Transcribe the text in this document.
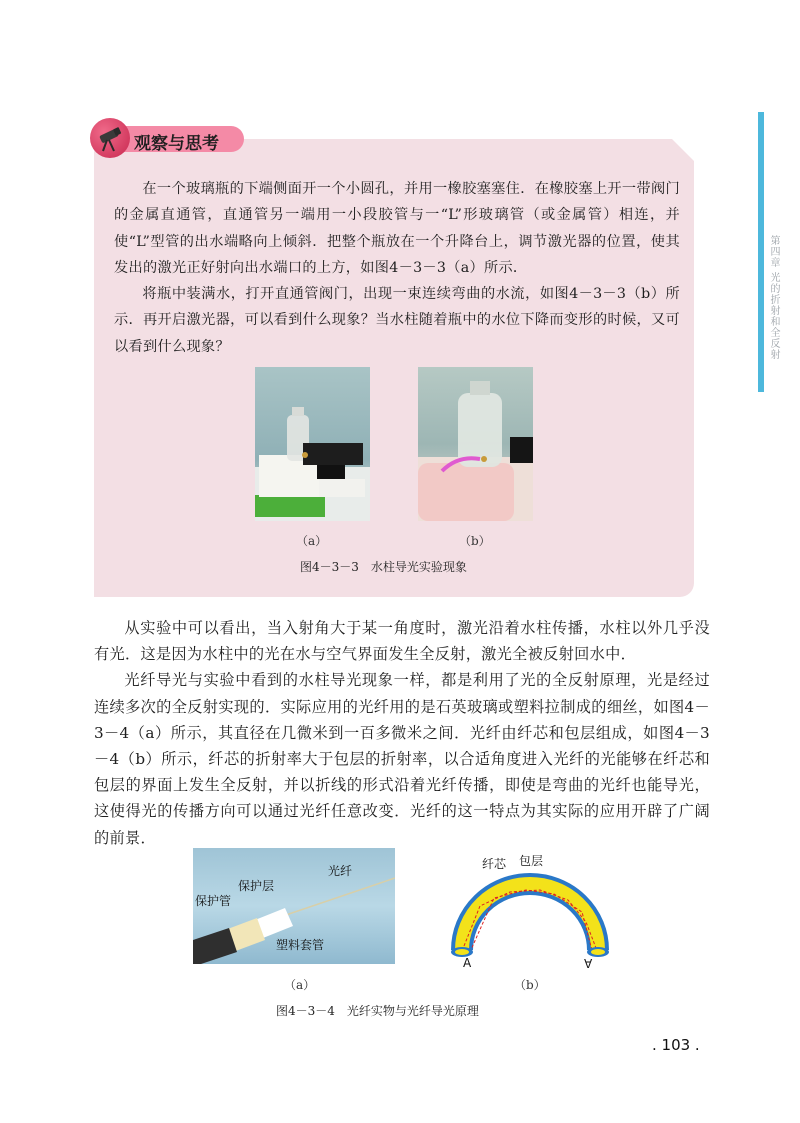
第四章 光的折射和全反射
观察与思考

在一个玻璃瓶的下端侧面开一个小圆孔，并用一橡胶塞塞住．在橡胶塞上开一带阀门的金属直通管，直通管另一端用一小段胶管与一“L”形玻璃管（或金属管）相连，并使“L”型管的出水端略向上倾斜．把整个瓶放在一个升降台上，调节激光器的位置，使其发出的激光正好射向出水端口的上方，如图4－3－3（a）所示．

将瓶中装满水，打开直通管阀门，出现一束连续弯曲的水流，如图4－3－3（b）所示．再开启激光器，可以看到什么现象？当水柱随着瓶中的水位下降而变形的时候，又可以看到什么现象？

（a）	（b）
图4－3－3　水柱导光实验现象

从实验中可以看出，当入射角大于某一角度时，激光沿着水柱传播，水柱以外几乎没有光．这是因为水柱中的光在水与空气界面发生全反射，激光全被反射回水中．

光纤导光与实验中看到的水柱导光现象一样，都是利用了光的全反射原理，光是经过连续多次的全反射实现的．实际应用的光纤用的是石英玻璃或塑料拉制成的细丝，如图4－3－4（a）所示，其直径在几微米到一百多微米之间．光纤由纤芯和包层组成，如图4－3－4（b）所示，纤芯的折射率大于包层的折射率，以合适角度进入光纤的光能够在纤芯和包层的界面上发生全反射，并以折线的形式沿着光纤传播，即使是弯曲的光纤也能导光，这使得光的传播方向可以通过光纤任意改变．光纤的这一特点为其实际的应用开辟了广阔的前景．

光纤
保护层
保护管
塑料套管
纤芯 包层
A	A
（a）	（b）
图4－3－4　光纤实物与光纤导光原理
. 103 .
